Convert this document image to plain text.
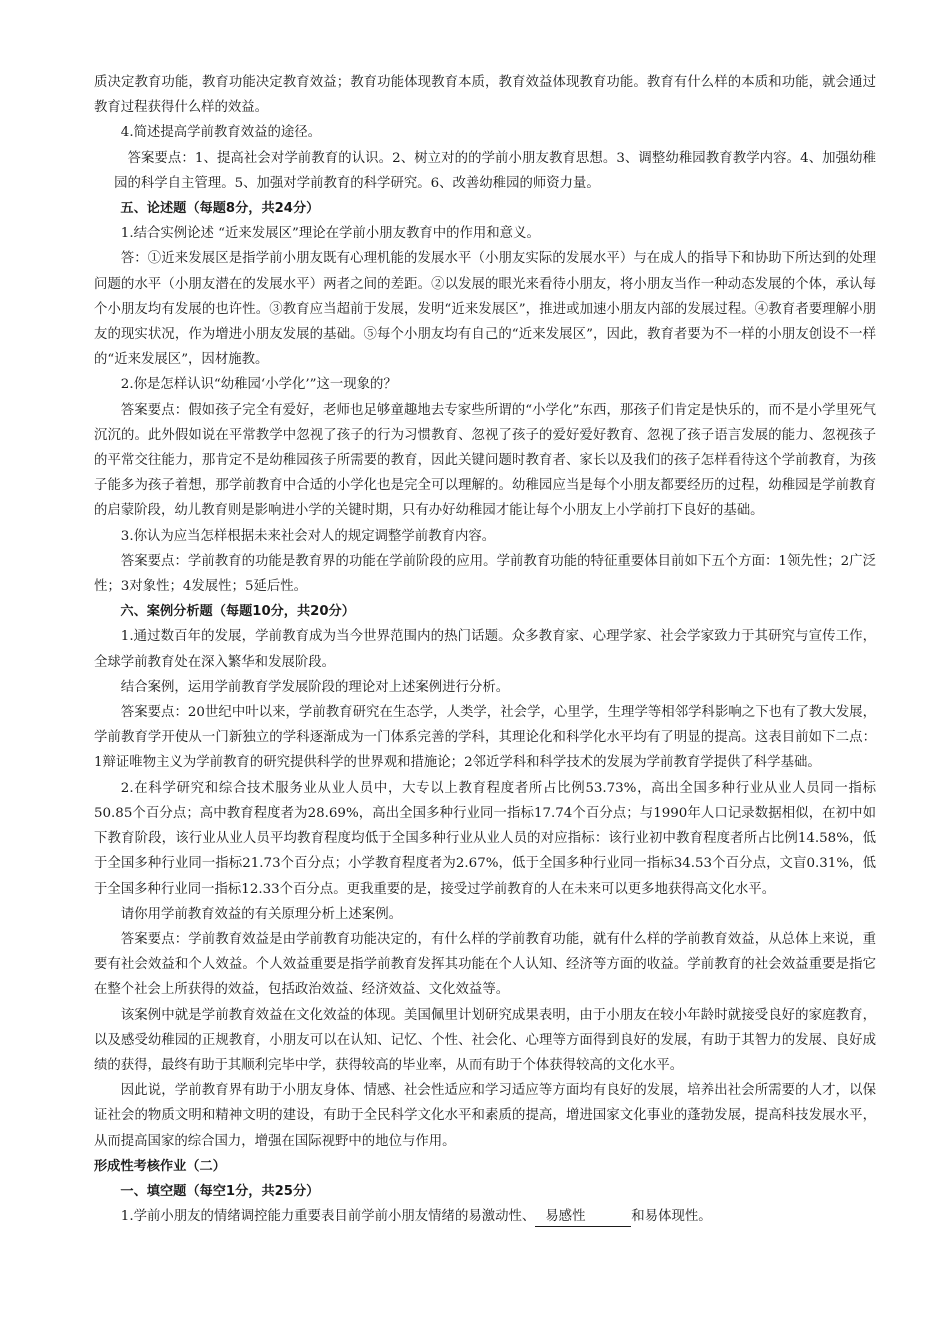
质决定教育功能，教育功能决定教育效益；教育功能体现教育本质，教育效益体现教育功能。教育有什么样的本质和功能，就会通过教育过程获得什么样的效益。

4.简述提高学前教育效益的途径。

答案要点：1、提高社会对学前教育的认识。2、树立对的的学前小朋友教育思想。3、调整幼稚园教育教学内容。4、加强幼稚园的科学自主管理。5、加强对学前教育的科学研究。6、改善幼稚园的师资力量。

五、论述题（每题8分，共24分）

1.结合实例论述 “近来发展区”理论在学前小朋友教育中的作用和意义。

答：①近来发展区是指学前小朋友既有心理机能的发展水平（小朋友实际的发展水平）与在成人的指导下和协助下所达到的处理问题的水平（小朋友潜在的发展水平）两者之间的差距。②以发展的眼光来看待小朋友，将小朋友当作一种动态发展的个体，承认每个小朋友均有发展的也许性。③教育应当超前于发展，发明“近来发展区”，推进或加速小朋友内部的发展过程。④教育者要理解小朋友的现实状况，作为增进小朋友发展的基础。⑤每个小朋友均有自己的“近来发展区”，因此，教育者要为不一样的小朋友创设不一样的“近来发展区”，因材施教。

2.你是怎样认识“幼稚园‘小学化’”这一现象的？

答案要点：假如孩子完全有爱好，老师也足够童趣地去专家些所谓的“小学化”东西，那孩子们肯定是快乐的，而不是小学里死气沉沉的。此外假如说在平常教学中忽视了孩子的行为习惯教育、忽视了孩子的爱好爱好教育、忽视了孩子语言发展的能力、忽视孩子的平常交往能力，那肯定不是幼稚园孩子所需要的教育，因此关键问题时教育者、家长以及我们的孩子怎样看待这个学前教育，为孩子能多为孩子着想，那学前教育中合适的小学化也是完全可以理解的。幼稚园应当是每个小朋友都要经历的过程，幼稚园是学前教育的启蒙阶段，幼儿教育则是影响进小学的关键时期，只有办好幼稚园才能让每个小朋友上小学前打下良好的基础。

3.你认为应当怎样根据未来社会对人的规定调整学前教育内容。

答案要点：学前教育的功能是教育界的功能在学前阶段的应用。学前教育功能的特征重要体目前如下五个方面：1领先性；2广泛性；3对象性；4发展性；5延后性。

六、案例分析题（每题10分，共20分）

1.通过数百年的发展，学前教育成为当今世界范围内的热门话题。众多教育家、心理学家、社会学家致力于其研究与宣传工作，全球学前教育处在深入繁华和发展阶段。

结合案例，运用学前教育学发展阶段的理论对上述案例进行分析。

答案要点：20世纪中叶以来，学前教育研究在生态学，人类学，社会学，心里学，生理学等相邻学科影响之下也有了教大发展，学前教育学开使从一门新独立的学科逐渐成为一门体系完善的学科，其理论化和科学化水平均有了明显的提高。这表目前如下二点：1辩证唯物主义为学前教育的研究提供科学的世界观和措施论；2邻近学科和科学技术的发展为学前教育学提供了科学基础。

2.在科学研究和综合技术服务业从业人员中，大专以上教育程度者所占比例53.73%，高出全国多种行业从业人员同一指标50.85个百分点；高中教育程度者为28.69%，高出全国多种行业同一指标17.74个百分点；与1990年人口记录数据相似，在初中如下教育阶段，该行业从业人员平均教育程度均低于全国多种行业从业人员的对应指标：该行业初中教育程度者所占比例14.58%，低于全国多种行业同一指标21.73个百分点；小学教育程度者为2.67%，低于全国多种行业同一指标34.53个百分点，文盲0.31%，低于全国多种行业同一指标12.33个百分点。更我重要的是，接受过学前教育的人在未来可以更多地获得高文化水平。

请你用学前教育效益的有关原理分析上述案例。

答案要点：学前教育效益是由学前教育功能决定的，有什么样的学前教育功能，就有什么样的学前教育效益，从总体上来说，重要有社会效益和个人效益。个人效益重要是指学前教育发挥其功能在个人认知、经济等方面的收益。学前教育的社会效益重要是指它在整个社会上所获得的效益，包括政治效益、经济效益、文化效益等。

该案例中就是学前教育效益在文化效益的体现。美国佩里计划研究成果表明，由于小朋友在较小年龄时就接受良好的家庭教育，以及感受幼稚园的正规教育，小朋友可以在认知、记忆、个性、社会化、心理等方面得到良好的发展，有助于其智力的发展、良好成绩的获得，最终有助于其顺利完毕中学，获得较高的毕业率，从而有助于个体获得较高的文化水平。

因此说，学前教育界有助于小朋友身体、情感、社会性适应和学习适应等方面均有良好的发展，培养出社会所需要的人才，以保证社会的物质文明和精神文明的建设，有助于全民科学文化水平和素质的提高，增进国家文化事业的蓬勃发展，提高科技发展水平，从而提高国家的综合国力，增强在国际视野中的地位与作用。

形成性考核作业（二）

一、填空题（每空1分，共25分）

1.学前小朋友的情绪调控能力重要表目前学前小朋友情绪的易激动性、 易感性	和易体现性。
